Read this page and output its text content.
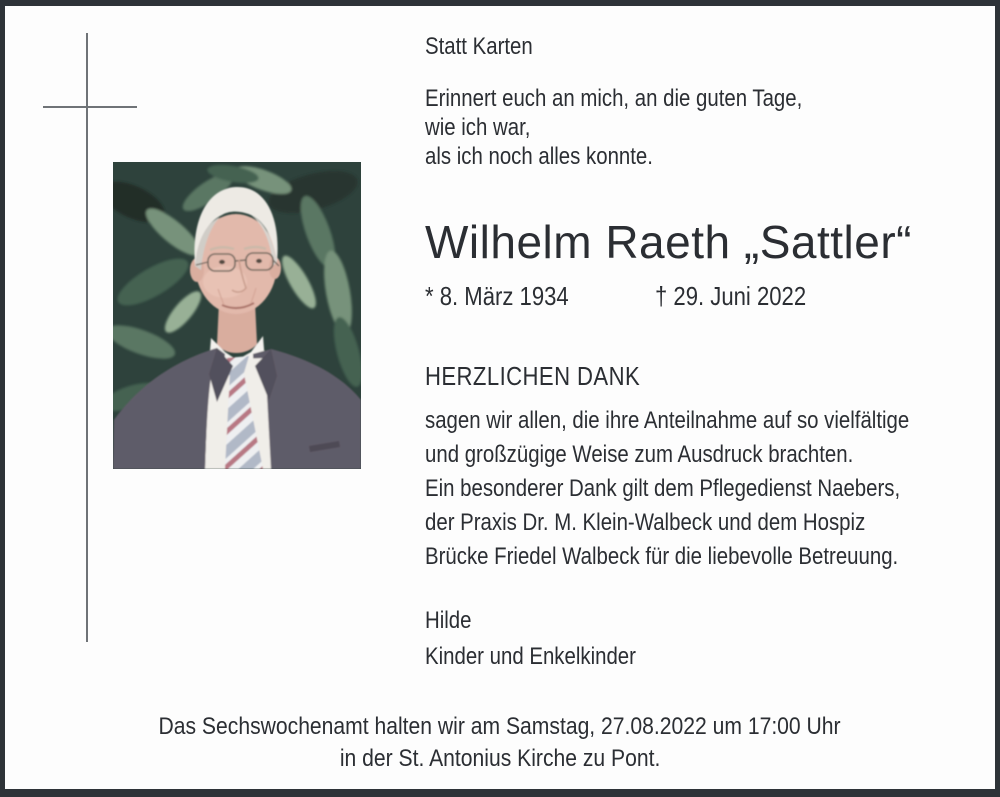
Statt Karten
Erinnert euch an mich, an die guten Tage,
wie ich war,
als ich noch alles konnte.
Wilhelm Raeth „Sattler“
* 8. März 1934	† 29. Juni 2022
HERZLICHEN DANK
sagen wir allen, die ihre Anteilnahme auf so vielfältige
und großzügige Weise zum Ausdruck brachten.
Ein besonderer Dank gilt dem Pflegedienst Naebers,
der Praxis Dr. M. Klein-Walbeck und dem Hospiz
Brücke Friedel Walbeck für die liebevolle Betreuung.
Hilde
Kinder und Enkelkinder
Das Sechswochenamt halten wir am Samstag, 27.08.2022 um 17:00 Uhr
in der St. Antonius Kirche zu Pont.
